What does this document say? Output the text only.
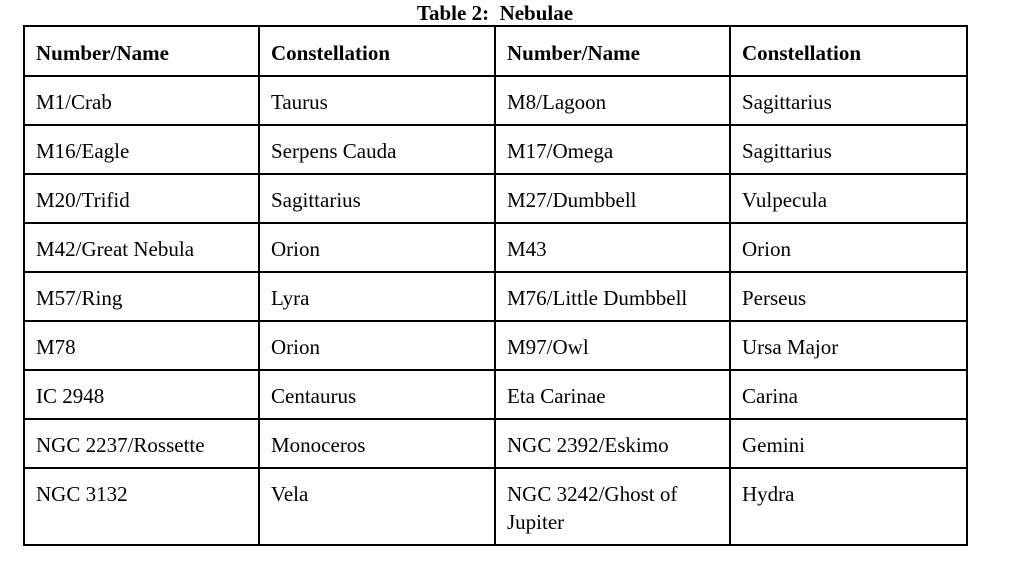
Table 2:  Nebulae
Number/Name	Constellation	Number/Name	Constellation
M1/Crab	Taurus	M8/Lagoon	Sagittarius
M16/Eagle	Serpens Cauda	M17/Omega	Sagittarius
M20/Trifid	Sagittarius	M27/Dumbbell	Vulpecula
M42/Great Nebula	Orion	M43	Orion
M57/Ring	Lyra	M76/Little Dumbbell	Perseus
M78	Orion	M97/Owl	Ursa Major
IC 2948	Centaurus	Eta Carinae	Carina
NGC 2237/Rossette	Monoceros	NGC 2392/Eskimo	Gemini
NGC 3132	Vela	NGC 3242/Ghost of Jupiter	Hydra
